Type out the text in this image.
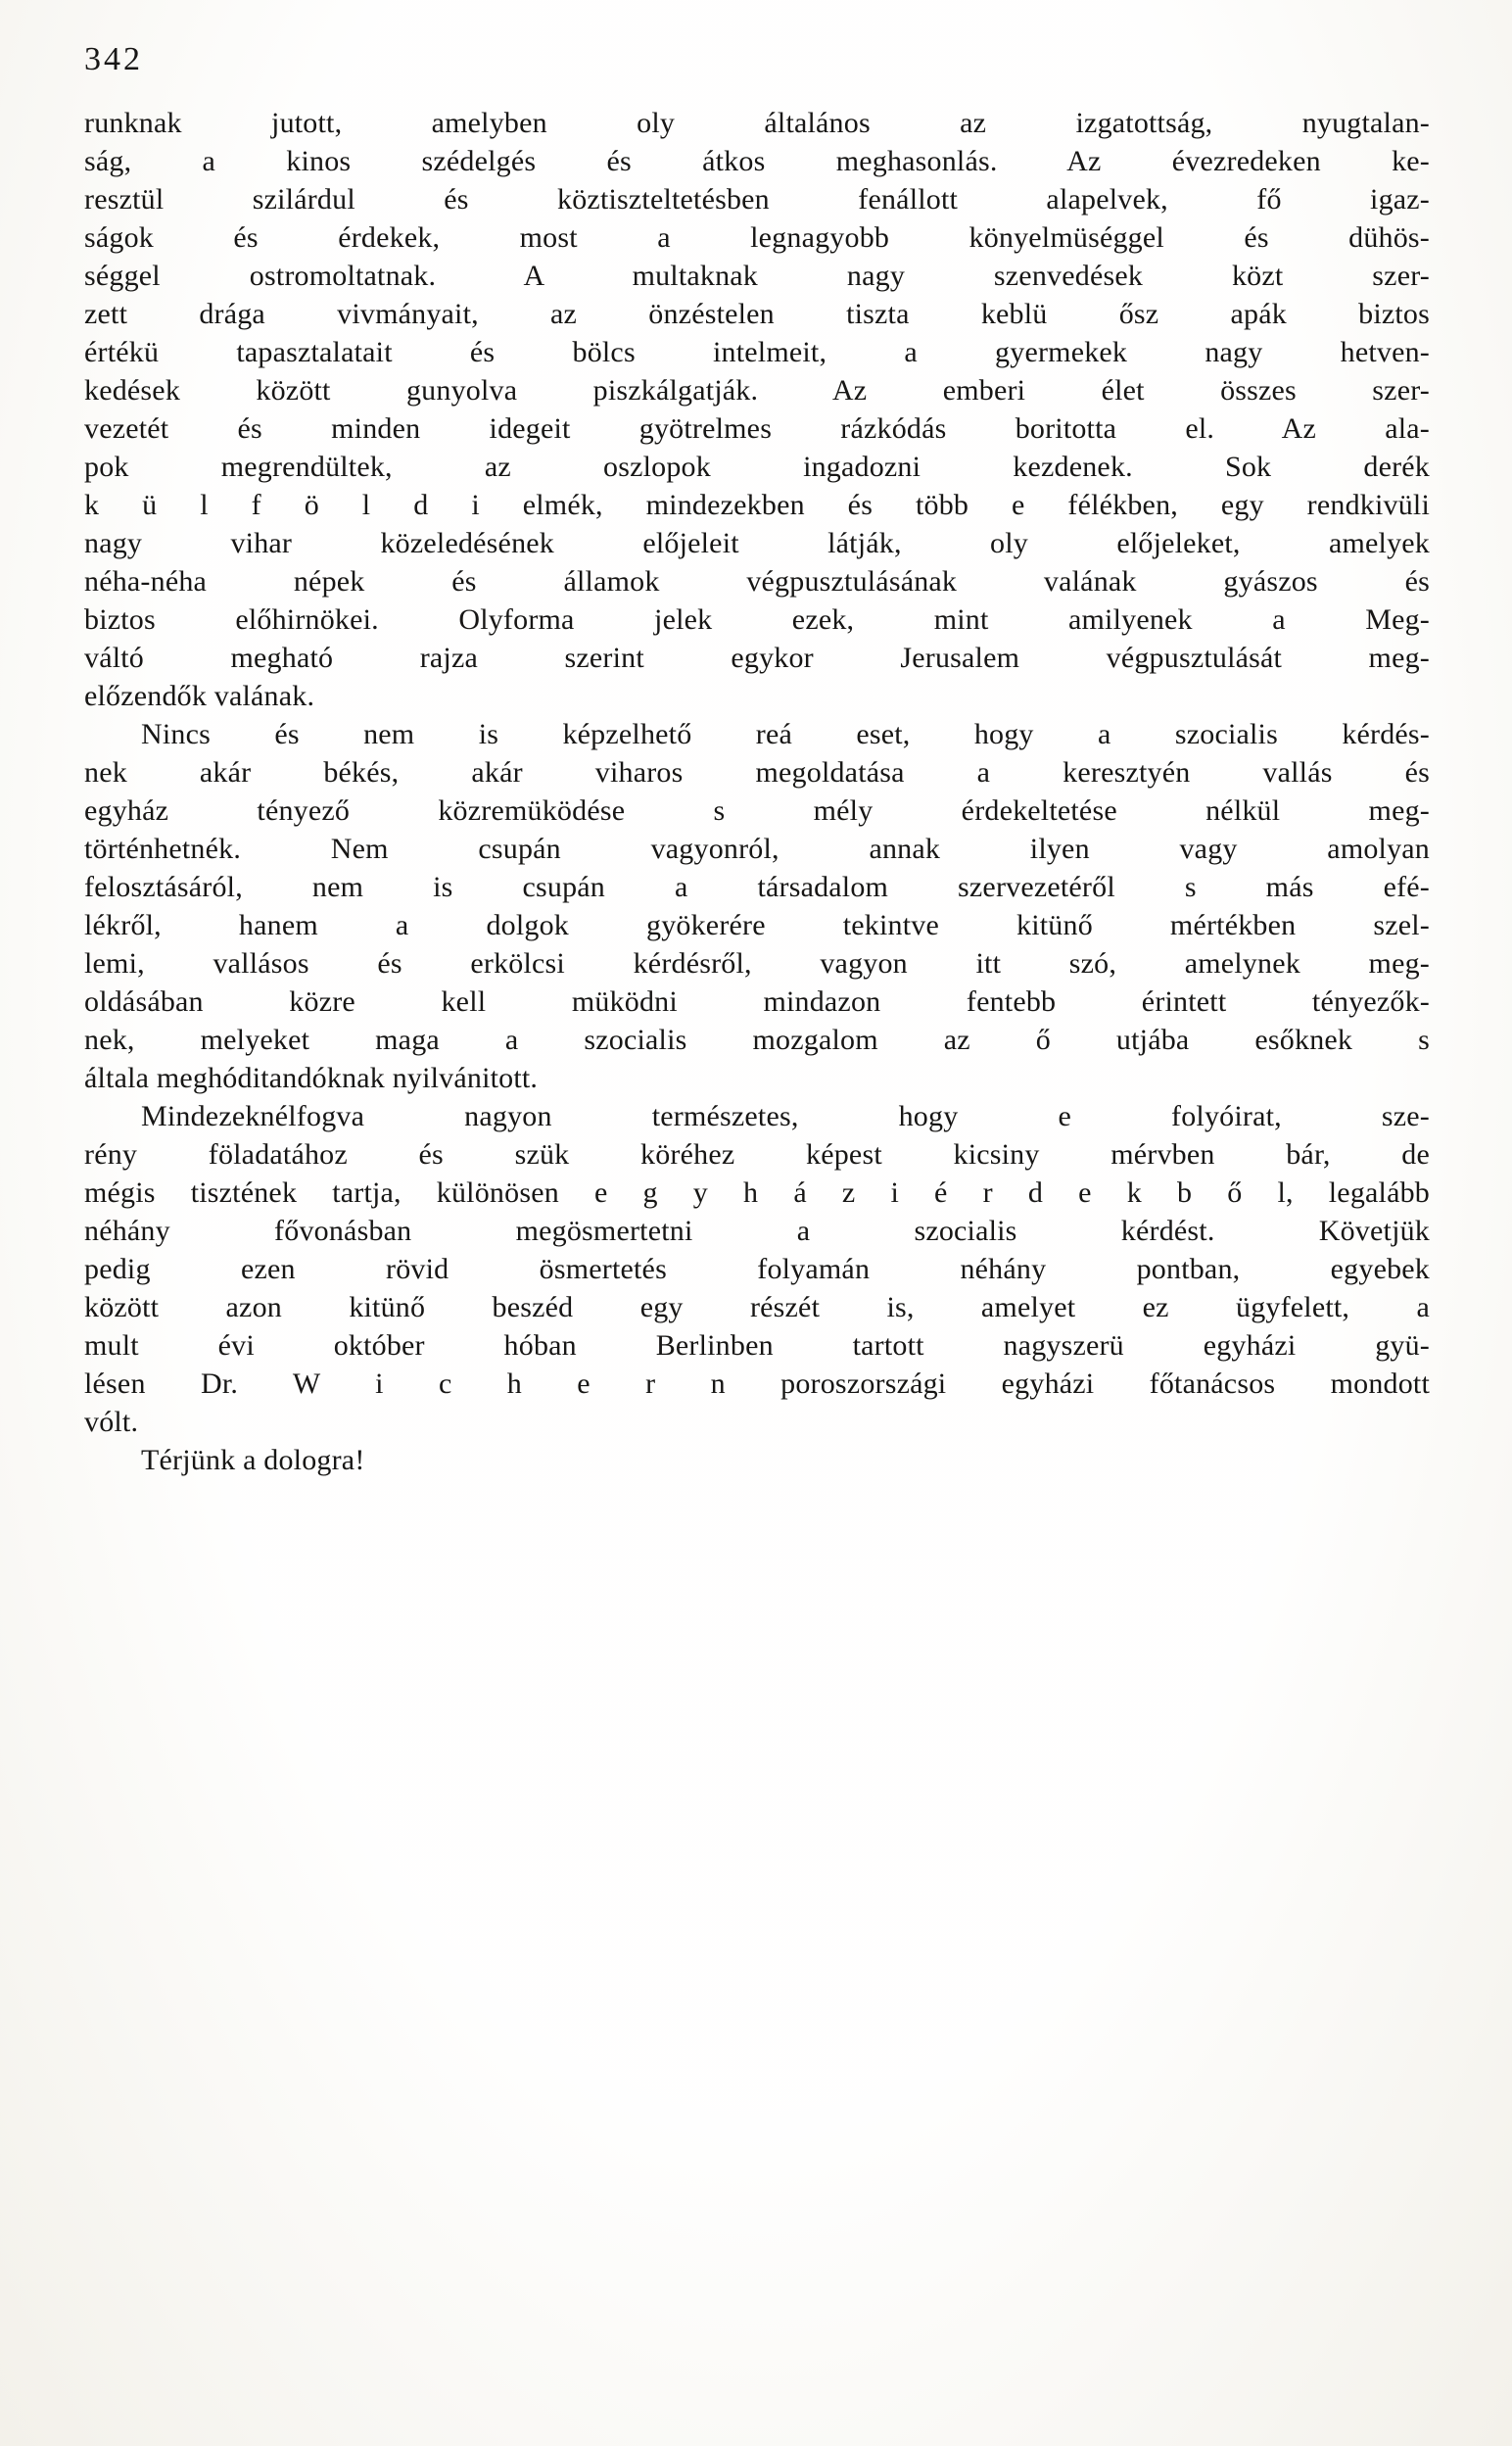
342
runknak jutott, amelyben oly általános az izgatottság, nyugtalan-
ság, a kinos szédelgés és átkos meghasonlás. Az évezredeken ke-
resztül szilárdul és köztiszteltetésben fenállott alapelvek, fő igaz-
ságok és érdekek, most a legnagyobb könyelmüséggel és dühös-
séggel ostromoltatnak. A multaknak nagy szenvedések közt szer-
zett drága vivmányait, az önzéstelen tiszta keblü ősz apák biztos
értékü tapasztalatait és bölcs intelmeit, a gyermekek nagy hetven-
kedések között gunyolva piszkálgatják. Az emberi élet összes szer-
vezetét és minden idegeit gyötrelmes rázkódás boritotta el. Az ala-
pok megrendültek, az oszlopok ingadozni kezdenek. Sok derék
k ü l f ö l d i elmék, mindezekben és több e félékben, egy rendkivüli
nagy vihar közeledésének előjeleit látják, oly előjeleket, amelyek
néha-néha népek és államok végpusztulásának valának gyászos és
biztos előhirnökei. Olyforma jelek ezek, mint amilyenek a Meg-
váltó megható rajza szerint egykor Jerusalem végpusztulását meg-
előzendők valának.
Nincs és nem is képzelhető reá eset, hogy a szocialis kérdés-
nek akár békés, akár viharos megoldatása a keresztyén vallás és
egyház tényező közremüködése s mély érdekeltetése nélkül meg-
történhetnék. Nem csupán vagyonról, annak ilyen vagy amolyan
felosztásáról, nem is csupán a társadalom szervezetéről s más efé-
lékről, hanem a dolgok gyökerére tekintve kitünő mértékben szel-
lemi, vallásos és erkölcsi kérdésről, vagyon itt szó, amelynek meg-
oldásában közre kell müködni mindazon fentebb érintett tényezők-
nek, melyeket maga a szocialis mozgalom az ő utjába esőknek s
általa meghóditandóknak nyilvánitott.
Mindezeknélfogva nagyon természetes, hogy e folyóirat, sze-
rény föladatához és szük köréhez képest kicsiny mérvben bár, de
mégis tisztének tartja, különösen e g y h á z i é r d e k b ő l, legalább
néhány fővonásban megösmertetni a szocialis kérdést. Követjük
pedig ezen rövid ösmertetés folyamán néhány pontban, egyebek
között azon kitünő beszéd egy részét is, amelyet ez ügyfelett, a
mult évi október hóban Berlinben tartott nagyszerü egyházi gyü-
lésen Dr. W i c h e r n poroszországi egyházi főtanácsos mondott
vólt.
Térjünk a dologra!
